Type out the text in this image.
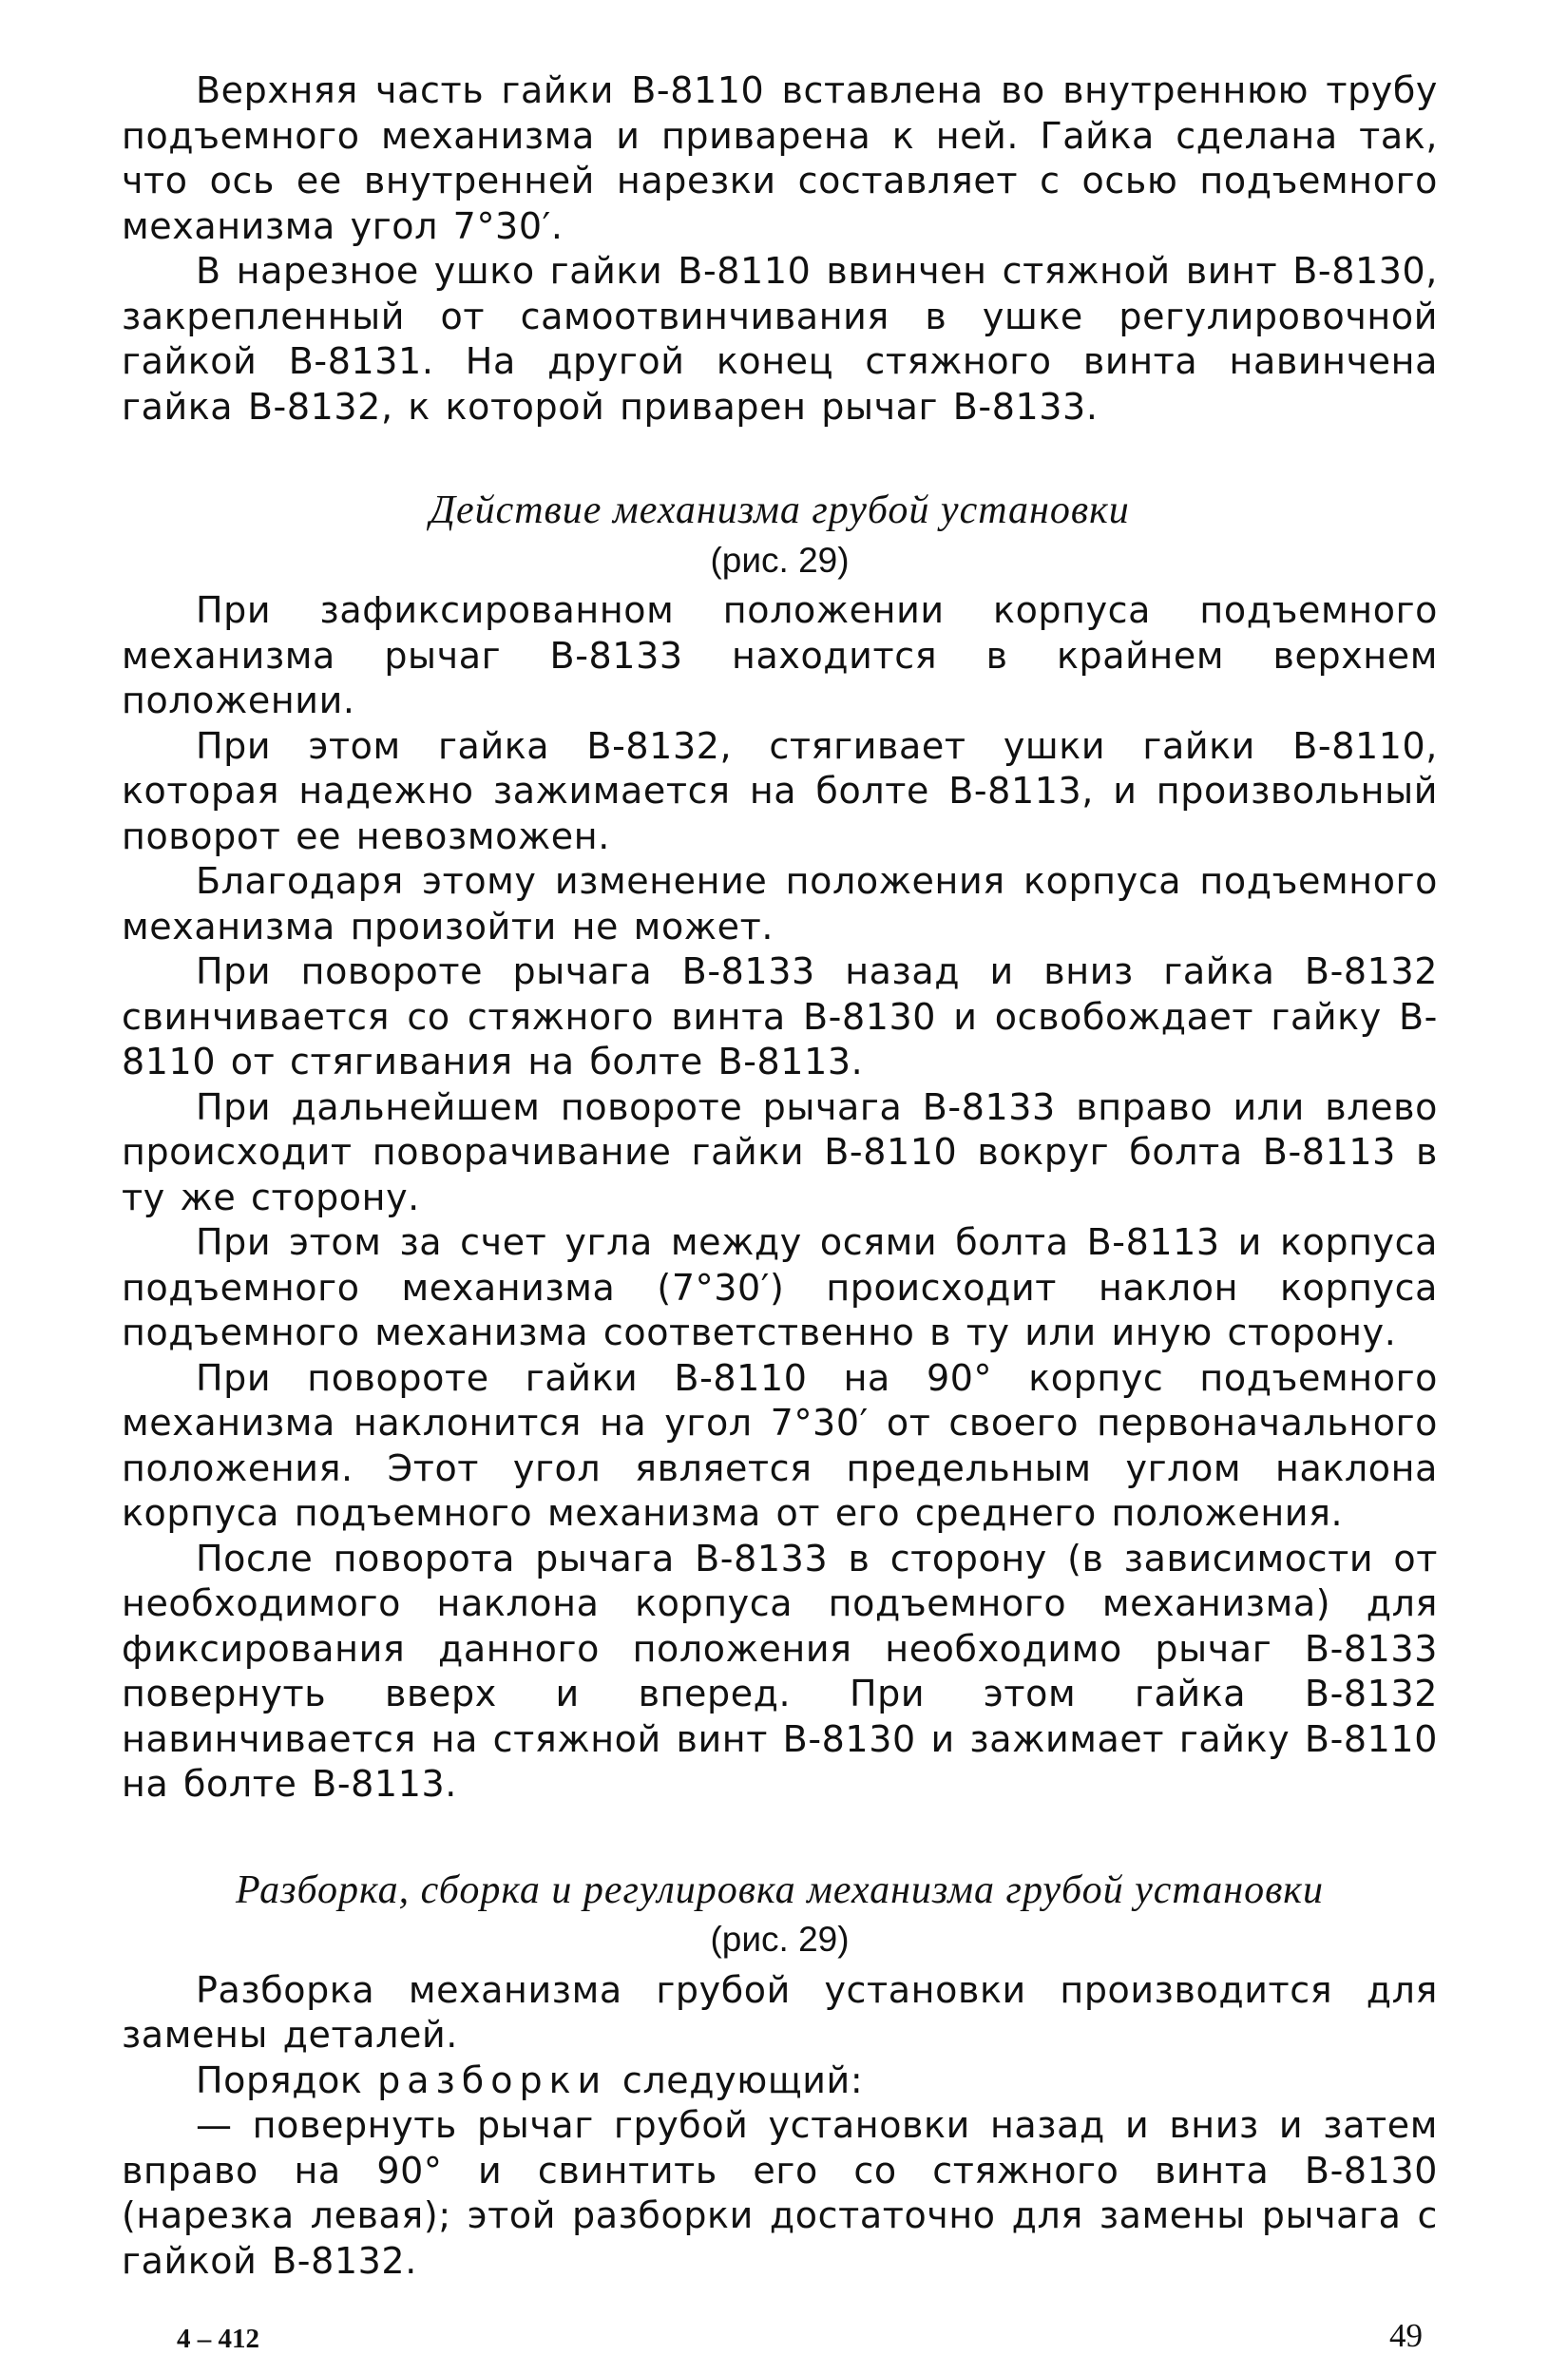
Верхняя часть гайки B-8110 вставлена во внутреннюю трубу подъемного механизма и приварена к ней. Гайка сделана так, что ось ее внутренней нарезки составляет с осью подъемного механизма угол 7°30′.

В нарезное ушко гайки B-8110 ввинчен стяжной винт B-8130, закрепленный от самоотвинчивания в ушке регулировочной гайкой B-8131. На другой конец стяжного винта навинчена гайка B-8132, к которой приварен рычаг B-8133.

Действие механизма грубой установки
(рис. 29)

При зафиксированном положении корпуса подъемного механизма рычаг B-8133 находится в крайнем верхнем положении.

При этом гайка B-8132, стягивает ушки гайки B-8110, которая надежно зажимается на болте B-8113, и произвольный поворот ее невозможен.

Благодаря этому изменение положения корпуса подъемного механизма произойти не может.

При повороте рычага B-8133 назад и вниз гайка B-8132 свинчивается со стяжного винта B-8130 и освобождает гайку B-8110 от стягивания на болте B-8113.

При дальнейшем повороте рычага B-8133 вправо или влево происходит поворачивание гайки B-8110 вокруг болта B-8113 в ту же сторону.

При этом за счет угла между осями болта B-8113 и корпуса подъемного механизма (7°30′) происходит наклон корпуса подъемного механизма соответственно в ту или иную сторону.

При повороте гайки B-8110 на 90° корпус подъемного механизма наклонится на угол 7°30′ от своего первоначального положения. Этот угол является предельным углом наклона корпуса подъемного механизма от его среднего положения.

После поворота рычага B-8133 в сторону (в зависимости от необходимого наклона корпуса подъемного механизма) для фиксирования данного положения необходимо рычаг B-8133 повернуть вверх и вперед. При этом гайка B-8132 навинчивается на стяжной винт B-8130 и зажимает гайку B-8110 на болте B-8113.

Разборка, сборка и регулировка механизма грубой установки
(рис. 29)

Разборка механизма грубой установки производится для замены деталей.

Порядок разборки следующий:

— повернуть рычаг грубой установки назад и вниз и затем вправо на 90° и свинтить его со стяжного винта B-8130 (нарезка левая); этой разборки достаточно для замены рычага с гайкой B-8132.

4 – 412	49
